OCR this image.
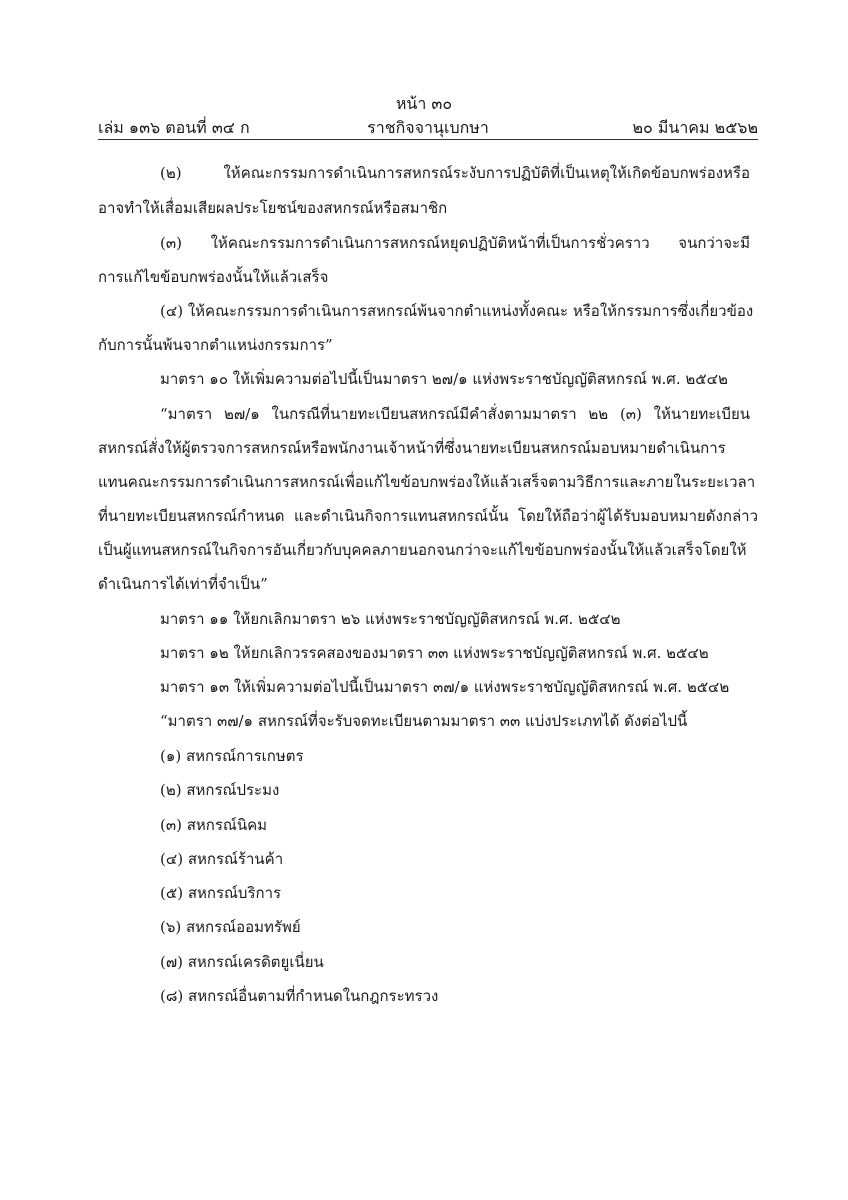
หน้า ๓๐
เล่ม ๑๓๖ ตอนที่ ๓๔ ก	ราชกิจจานุเบกษา	๒๐ มีนาคม ๒๕๖๒
(๒) ให้คณะกรรมการดำเนินการสหกรณ์ระงับการปฏิบัติที่เป็นเหตุให้เกิดข้อบกพร่องหรือ
อาจทำให้เสื่อมเสียผลประโยชน์ของสหกรณ์หรือสมาชิก
(๓) ให้คณะกรรมการดำเนินการสหกรณ์หยุดปฏิบัติหน้าที่เป็นการชั่วคราว จนกว่าจะมี
การแก้ไขข้อบกพร่องนั้นให้แล้วเสร็จ
(๔) ให้คณะกรรมการดำเนินการสหกรณ์พ้นจากตำแหน่งทั้งคณะ หรือให้กรรมการซึ่งเกี่ยวข้อง
กับการนั้นพ้นจากตำแหน่งกรรมการ”
มาตรา ๑๐ ให้เพิ่มความต่อไปนี้เป็นมาตรา ๒๗/๑ แห่งพระราชบัญญัติสหกรณ์ พ.ศ. ๒๕๔๒
“มาตรา ๒๗/๑ ในกรณีที่นายทะเบียนสหกรณ์มีคำสั่งตามมาตรา ๒๒ (๓) ให้นายทะเบียน
สหกรณ์สั่งให้ผู้ตรวจการสหกรณ์หรือพนักงานเจ้าหน้าที่ซึ่งนายทะเบียนสหกรณ์มอบหมายดำเนินการ
แทนคณะกรรมการดำเนินการสหกรณ์เพื่อแก้ไขข้อบกพร่องให้แล้วเสร็จตามวิธีการและภายในระยะเวลา
ที่นายทะเบียนสหกรณ์กำหนด และดำเนินกิจการแทนสหกรณ์นั้น โดยให้ถือว่าผู้ได้รับมอบหมายดังกล่าว
เป็นผู้แทนสหกรณ์ในกิจการอันเกี่ยวกับบุคคลภายนอกจนกว่าจะแก้ไขข้อบกพร่องนั้นให้แล้วเสร็จโดยให้
ดำเนินการได้เท่าที่จำเป็น”
มาตรา ๑๑ ให้ยกเลิกมาตรา ๒๖ แห่งพระราชบัญญัติสหกรณ์ พ.ศ. ๒๕๔๒
มาตรา ๑๒ ให้ยกเลิกวรรคสองของมาตรา ๓๓ แห่งพระราชบัญญัติสหกรณ์ พ.ศ. ๒๕๔๒
มาตรา ๑๓ ให้เพิ่มความต่อไปนี้เป็นมาตรา ๓๗/๑ แห่งพระราชบัญญัติสหกรณ์ พ.ศ. ๒๕๔๒
“มาตรา ๓๗/๑ สหกรณ์ที่จะรับจดทะเบียนตามมาตรา ๓๓ แบ่งประเภทได้ ดังต่อไปนี้
(๑) สหกรณ์การเกษตร
(๒) สหกรณ์ประมง
(๓) สหกรณ์นิคม
(๔) สหกรณ์ร้านค้า
(๕) สหกรณ์บริการ
(๖) สหกรณ์ออมทรัพย์
(๗) สหกรณ์เครดิตยูเนี่ยน
(๘) สหกรณ์อื่นตามที่กำหนดในกฎกระทรวง
